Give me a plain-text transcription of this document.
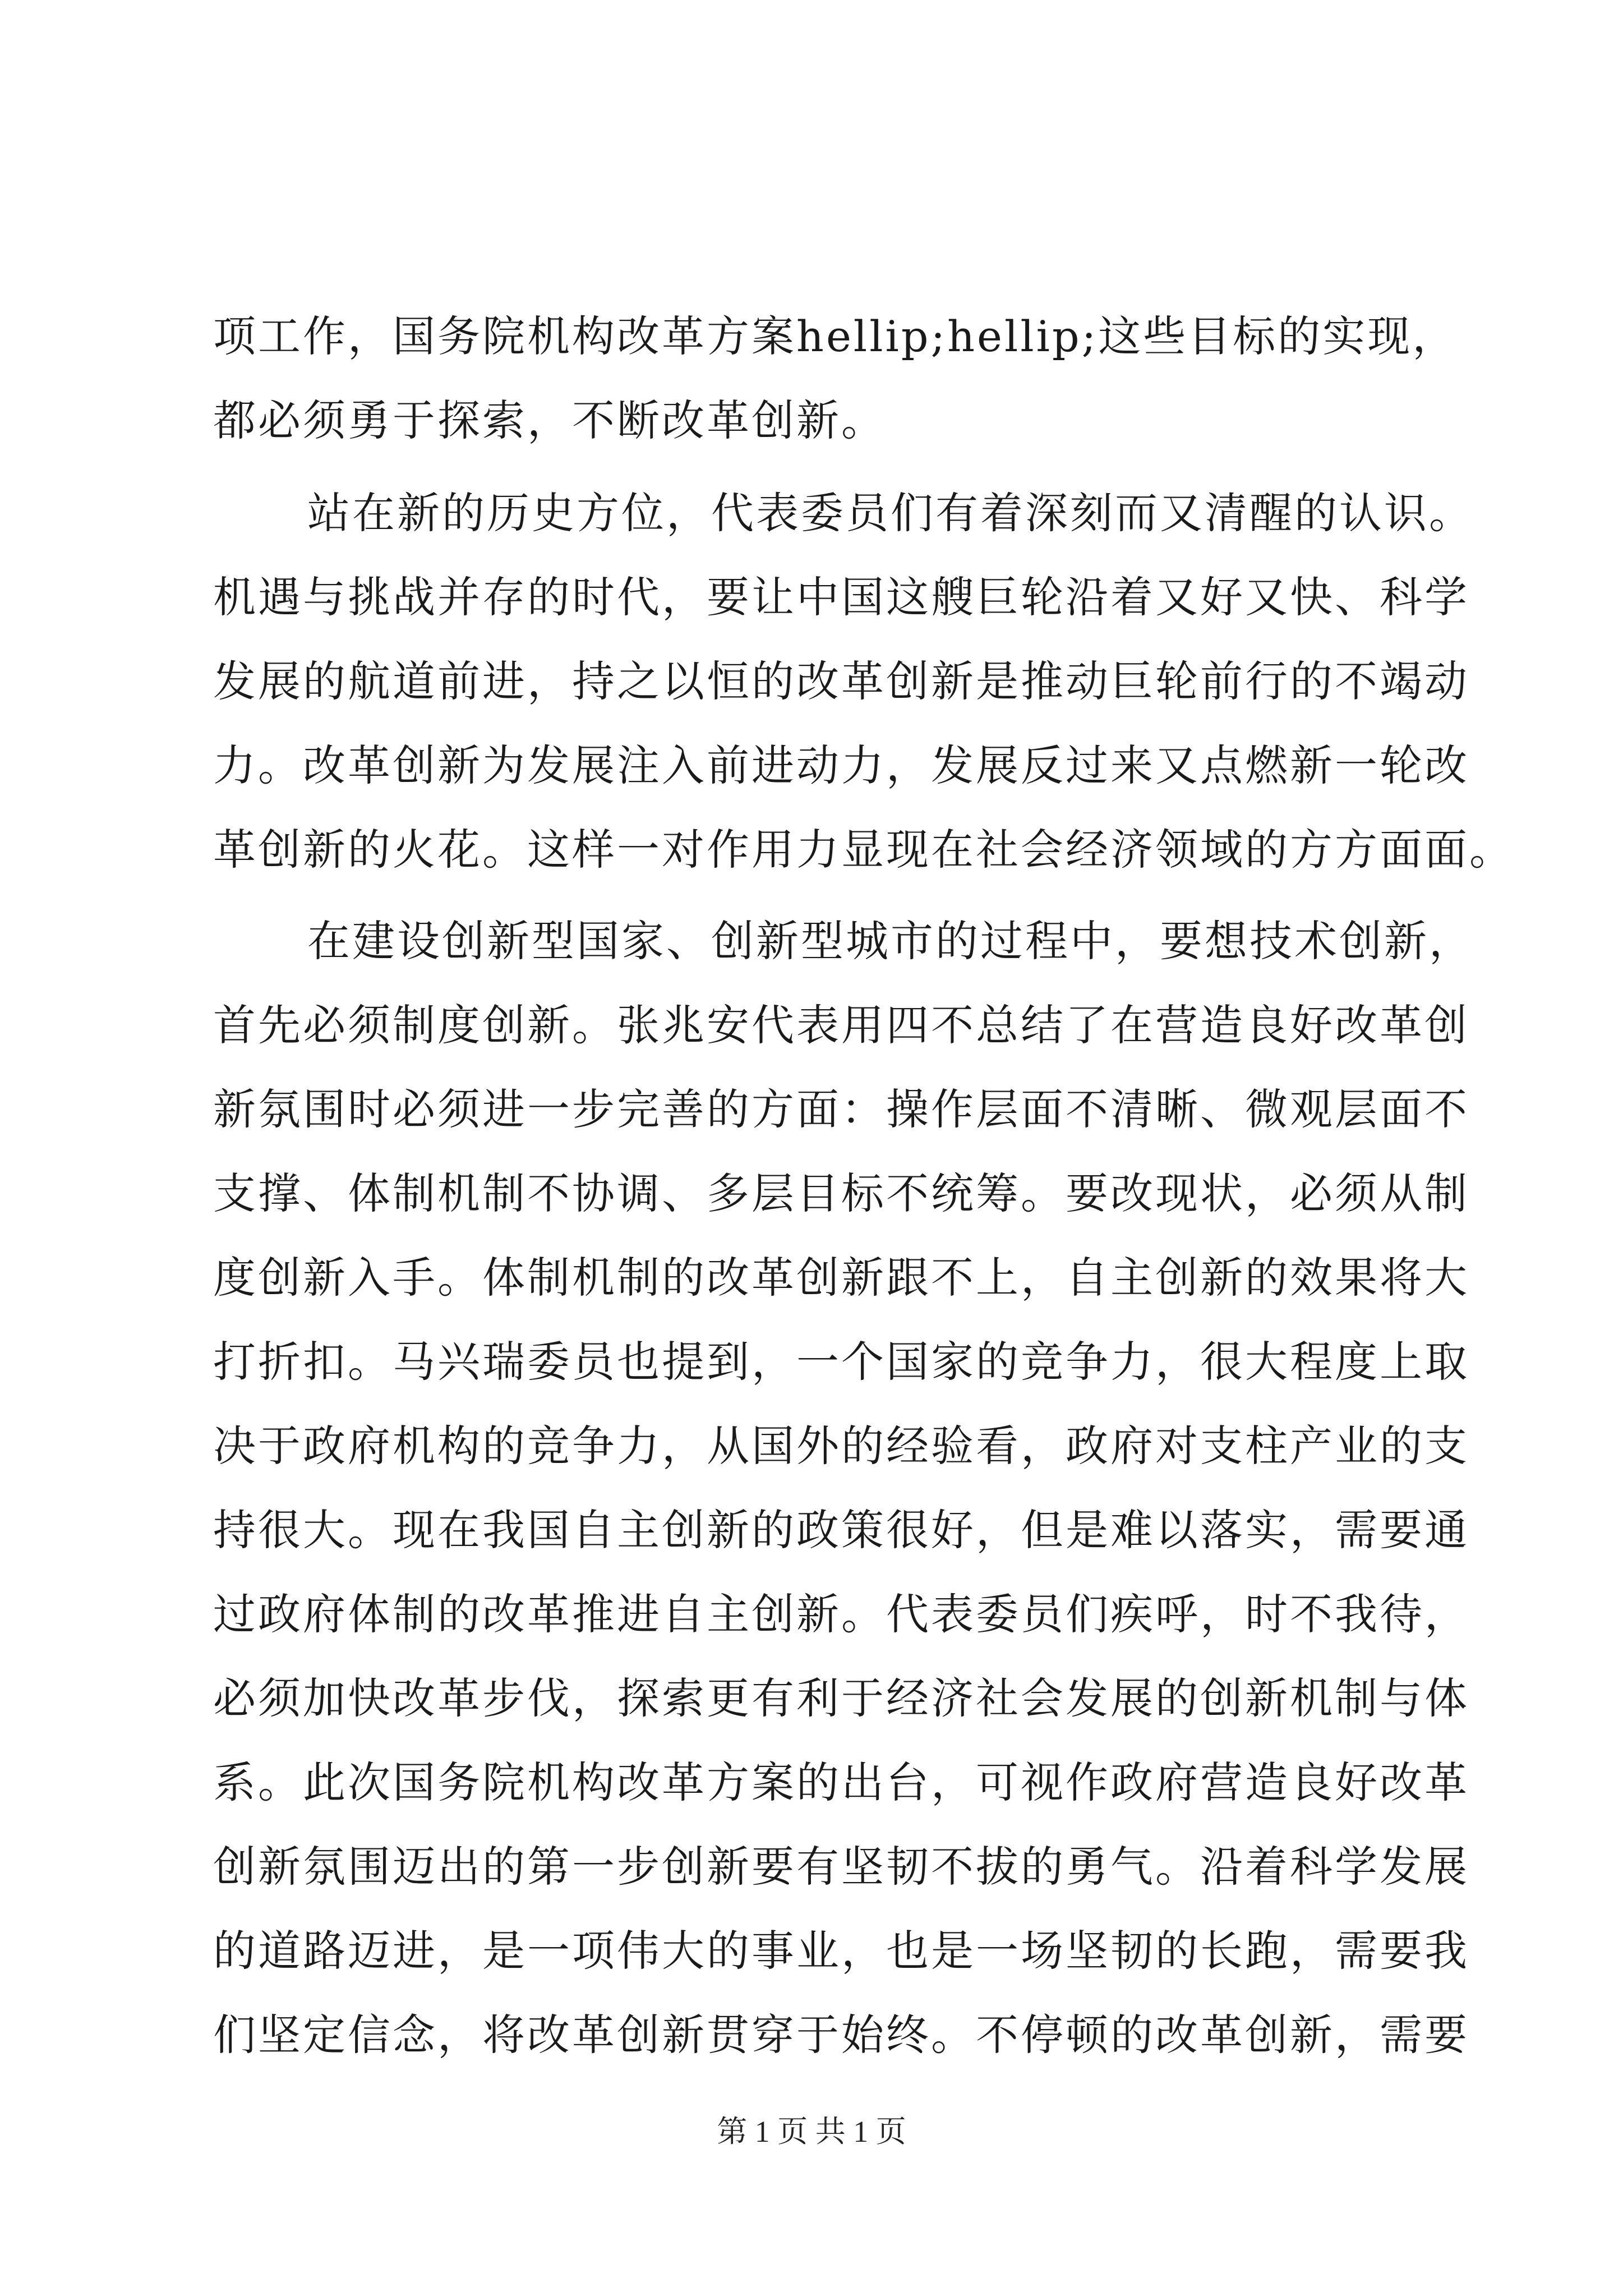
项工作，国务院机构改革方案hellip;hellip;这些目标的实现，

都必须勇于探索，不断改革创新。

站在新的历史方位，代表委员们有着深刻而又清醒的认识。

机遇与挑战并存的时代，要让中国这艘巨轮沿着又好又快、科学

发展的航道前进，持之以恒的改革创新是推动巨轮前行的不竭动

力。改革创新为发展注入前进动力，发展反过来又点燃新一轮改

革创新的火花。这样一对作用力显现在社会经济领域的方方面面。

在建设创新型国家、创新型城市的过程中，要想技术创新，

首先必须制度创新。张兆安代表用四不总结了在营造良好改革创

新氛围时必须进一步完善的方面：操作层面不清晰、微观层面不

支撑、体制机制不协调、多层目标不统筹。要改现状，必须从制

度创新入手。体制机制的改革创新跟不上，自主创新的效果将大

打折扣。马兴瑞委员也提到，一个国家的竞争力，很大程度上取

决于政府机构的竞争力，从国外的经验看，政府对支柱产业的支

持很大。现在我国自主创新的政策很好，但是难以落实，需要通

过政府体制的改革推进自主创新。代表委员们疾呼，时不我待，

必须加快改革步伐，探索更有利于经济社会发展的创新机制与体

系。此次国务院机构改革方案的出台，可视作政府营造良好改革

创新氛围迈出的第一步创新要有坚韧不拔的勇气。沿着科学发展

的道路迈进，是一项伟大的事业，也是一场坚韧的长跑，需要我

们坚定信念，将改革创新贯穿于始终。不停顿的改革创新，需要

第 1 页 共 1 页
